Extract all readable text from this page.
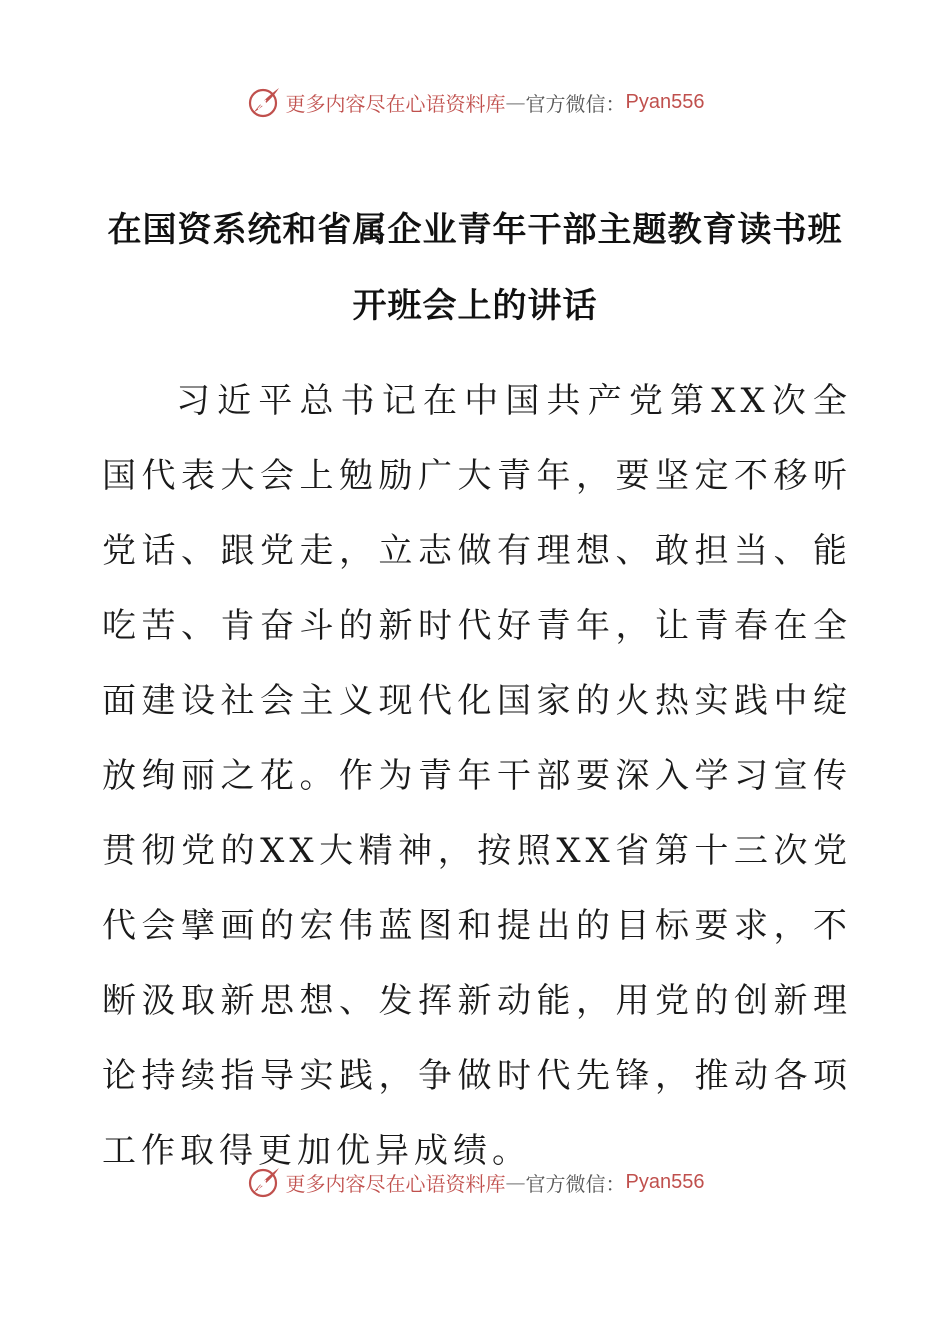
更多内容尽在心语资料库 — 官方微信： Pyan556
在国资系统和省属企业青年干部主题教育读书班
开班会上的讲话

习近平总书记在中国共产党第XX次全国代表大会上勉励广大青年，要坚定不移听党话、跟党走，立志做有理想、敢担当、能吃苦、肯奋斗的新时代好青年，让青春在全面建设社会主义现代化国家的火热实践中绽放绚丽之花。作为青年干部要深入学习宣传贯彻党的XX大精神，按照XX省第十三次党代会擘画的宏伟蓝图和提出的目标要求，不断汲取新思想、发挥新动能，用党的创新理论持续指导实践，争做时代先锋，推动各项工作取得更加优异成绩。

更多内容尽在心语资料库 — 官方微信： Pyan556
